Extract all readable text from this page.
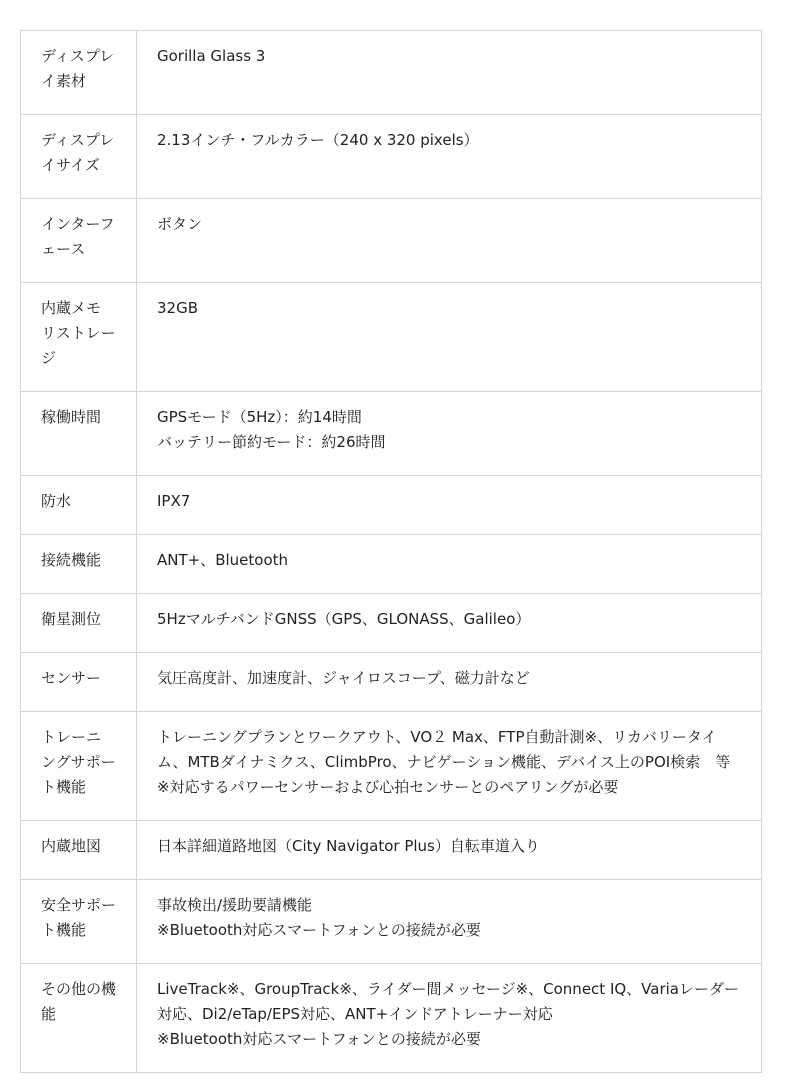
ディスプレイ素材	Gorilla Glass 3

ディスプレイサイズ	2.13インチ・フルカラー（240 x 320 pixels）

インターフェース	ボタン

内蔵メモリストレージ	32GB

稼働時間	GPSモード（5Hz）：約14時間
バッテリー節約モード：約26時間

防水	IPX7

接続機能	ANT+、Bluetooth

衛星測位	5HzマルチバンドGNSS（GPS、GLONASS、Galileo）

センサー	気圧高度計、加速度計、ジャイロスコープ、磁力計など

トレーニングサポート機能	トレーニングプランとワークアウト、VO２ Max、FTP自動計測※、リカバリータイム、MTBダイナミクス、ClimbPro、ナビゲーション機能、デバイス上のPOI検索　等
※対応するパワーセンサーおよび心拍センサーとのペアリングが必要

内蔵地図	日本詳細道路地図（City Navigator Plus）自転車道入り

安全サポート機能	事故検出/援助要請機能
※Bluetooth対応スマートフォンとの接続が必要

その他の機能	LiveTrack※、GroupTrack※、ライダー間メッセージ※、Connect IQ、Variaレーダー対応、Di2/eTap/EPS対応、ANT+インドアトレーナー対応
※Bluetooth対応スマートフォンとの接続が必要
